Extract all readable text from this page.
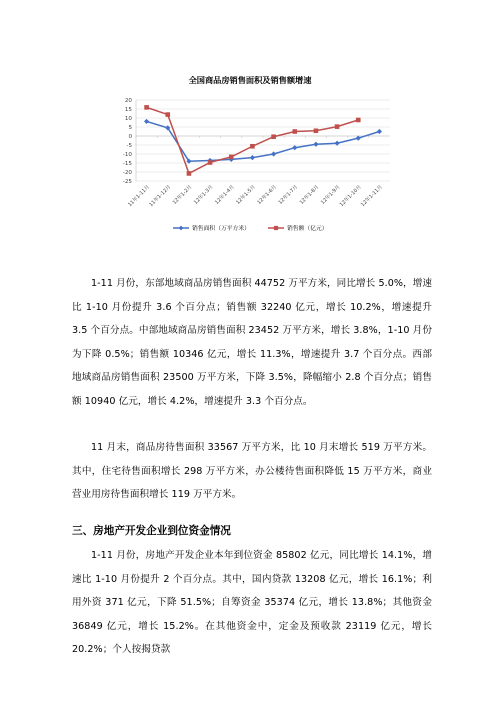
全国商品房销售面积及销售额增速
20
15
10
5
0
-5
-10
-15
-20
-25
11年1-11月
11年1-12月 12年1-2月 12年1-3月 12年1-4月 12年1-5月 12年1-6月 12年1-7月 12年1-8月 12年1-9月
12年1-10月
12年1-11月
销售面积（万平方米）	销售额（亿元）

1-11 月份，东部地域商品房销售面积 44752 万平方米，同比增长 5.0%，增速比 1-10 月份提升 3.6 个百分点；销售额 32240 亿元，增长 10.2%，增速提升 3.5 个百分点。中部地域商品房销售面积 23452 万平方米，增长 3.8%，1-10 月份为下降 0.5%；销售额 10346 亿元，增长 11.3%，增速提升 3.7 个百分点。西部地域商品房销售面积 23500 万平方米，下降 3.5%，降幅缩小 2.8 个百分点；销售额 10940 亿元，增长 4.2%，增速提升 3.3 个百分点。

11 月末，商品房待售面积 33567 万平方米，比 10 月末增长 519 万平方米。其中，住宅待售面积增长 298 万平方米，办公楼待售面积降低 15 万平方米，商业营业用房待售面积增长 119 万平方米。

三、房地产开发企业到位资金情况

1-11 月份，房地产开发企业本年到位资金 85802 亿元，同比增长 14.1%，增速比 1-10 月份提升 2 个百分点。其中，国内贷款 13208 亿元，增长 16.1%；利用外资 371 亿元，下降 51.5%；自筹资金 35374 亿元，增长 13.8%；其他资金 36849 亿元，增长 15.2%。在其他资金中，定金及预收款 23119 亿元，增长 20.2%；个人按揭贷款
